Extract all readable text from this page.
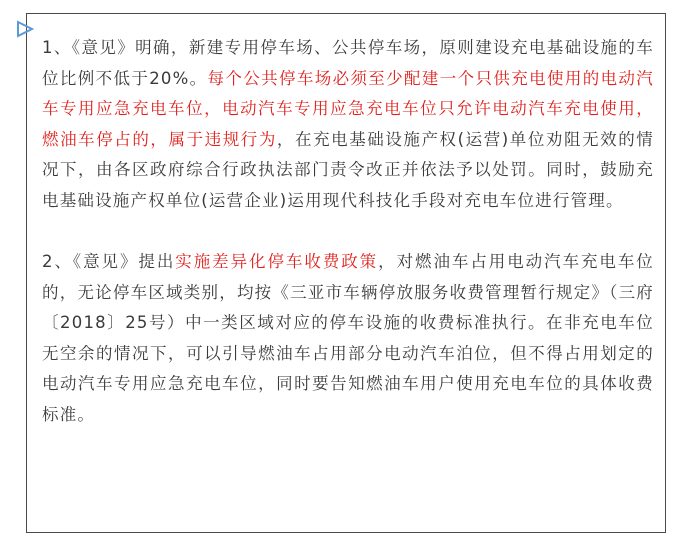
1、《意见》明确，新建专用停车场、公共停车场，原则建设充电基础设施的车位比例不低于20%。每个公共停车场必须至少配建一个只供充电使用的电动汽车专用应急充电车位，电动汽车专用应急充电车位只允许电动汽车充电使用，燃油车停占的，属于违规行为，在充电基础设施产权(运营)单位劝阻无效的情况下，由各区政府综合行政执法部门责令改正并依法予以处罚。同时，鼓励充电基础设施产权单位(运营企业)运用现代科技化手段对充电车位进行管理。

2、《意见》提出实施差异化停车收费政策，对燃油车占用电动汽车充电车位的，无论停车区域类别，均按《三亚市车辆停放服务收费管理暂行规定》（三府〔2018〕25号）中一类区域对应的停车设施的收费标准执行。在非充电车位无空余的情况下，可以引导燃油车占用部分电动汽车泊位，但不得占用划定的电动汽车专用应急充电车位，同时要告知燃油车用户使用充电车位的具体收费标准。
